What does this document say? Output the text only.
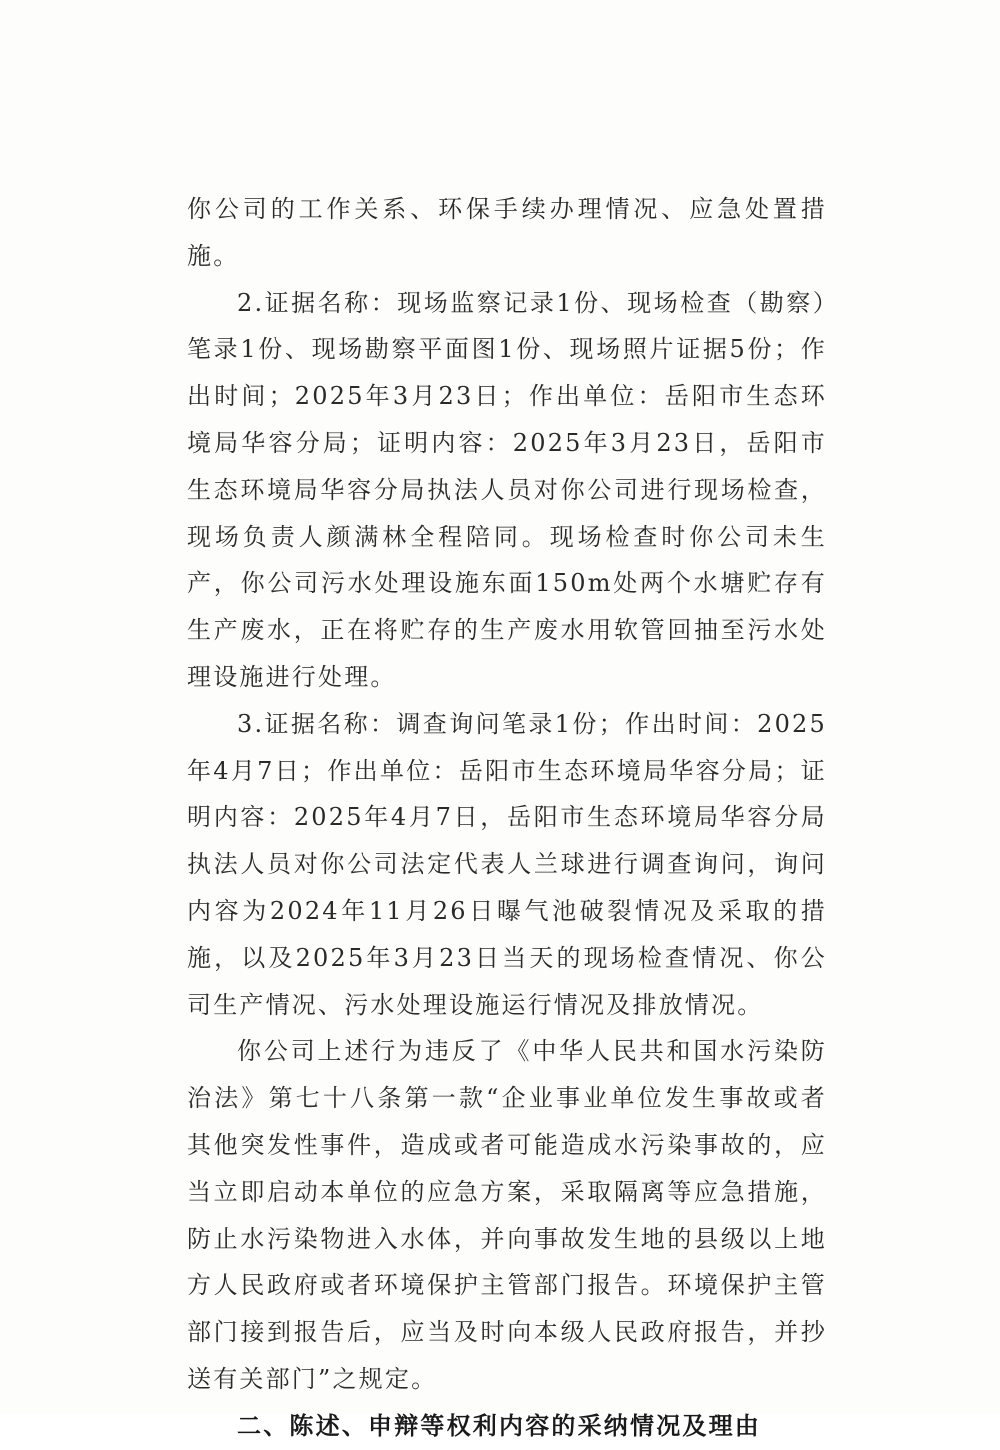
你公司的工作关系、环保手续办理情况、应急处置措施。

2.证据名称：现场监察记录1份、现场检查（勘察）笔录1份、现场勘察平面图1份、现场照片证据5份；作出时间；2025年3月23日；作出单位：岳阳市生态环境局华容分局；证明内容：2025年3月23日，岳阳市生态环境局华容分局执法人员对你公司进行现场检查，现场负责人颜满林全程陪同。现场检查时你公司未生产，你公司污水处理设施东面150m处两个水塘贮存有生产废水，正在将贮存的生产废水用软管回抽至污水处理设施进行处理。

3.证据名称：调查询问笔录1份；作出时间：2025年4月7日；作出单位：岳阳市生态环境局华容分局；证明内容：2025年4月7日，岳阳市生态环境局华容分局执法人员对你公司法定代表人兰球进行调查询问，询问内容为2024年11月26日曝气池破裂情况及采取的措施，以及2025年3月23日当天的现场检查情况、你公司生产情况、污水处理设施运行情况及排放情况。

你公司上述行为违反了《中华人民共和国水污染防治法》第七十八条第一款“企业事业单位发生事故或者其他突发性事件，造成或者可能造成水污染事故的，应当立即启动本单位的应急方案，采取隔离等应急措施，防止水污染物进入水体，并向事故发生地的县级以上地方人民政府或者环境保护主管部门报告。环境保护主管部门接到报告后，应当及时向本级人民政府报告，并抄送有关部门”之规定。

二、陈述、申辩等权利内容的采纳情况及理由
